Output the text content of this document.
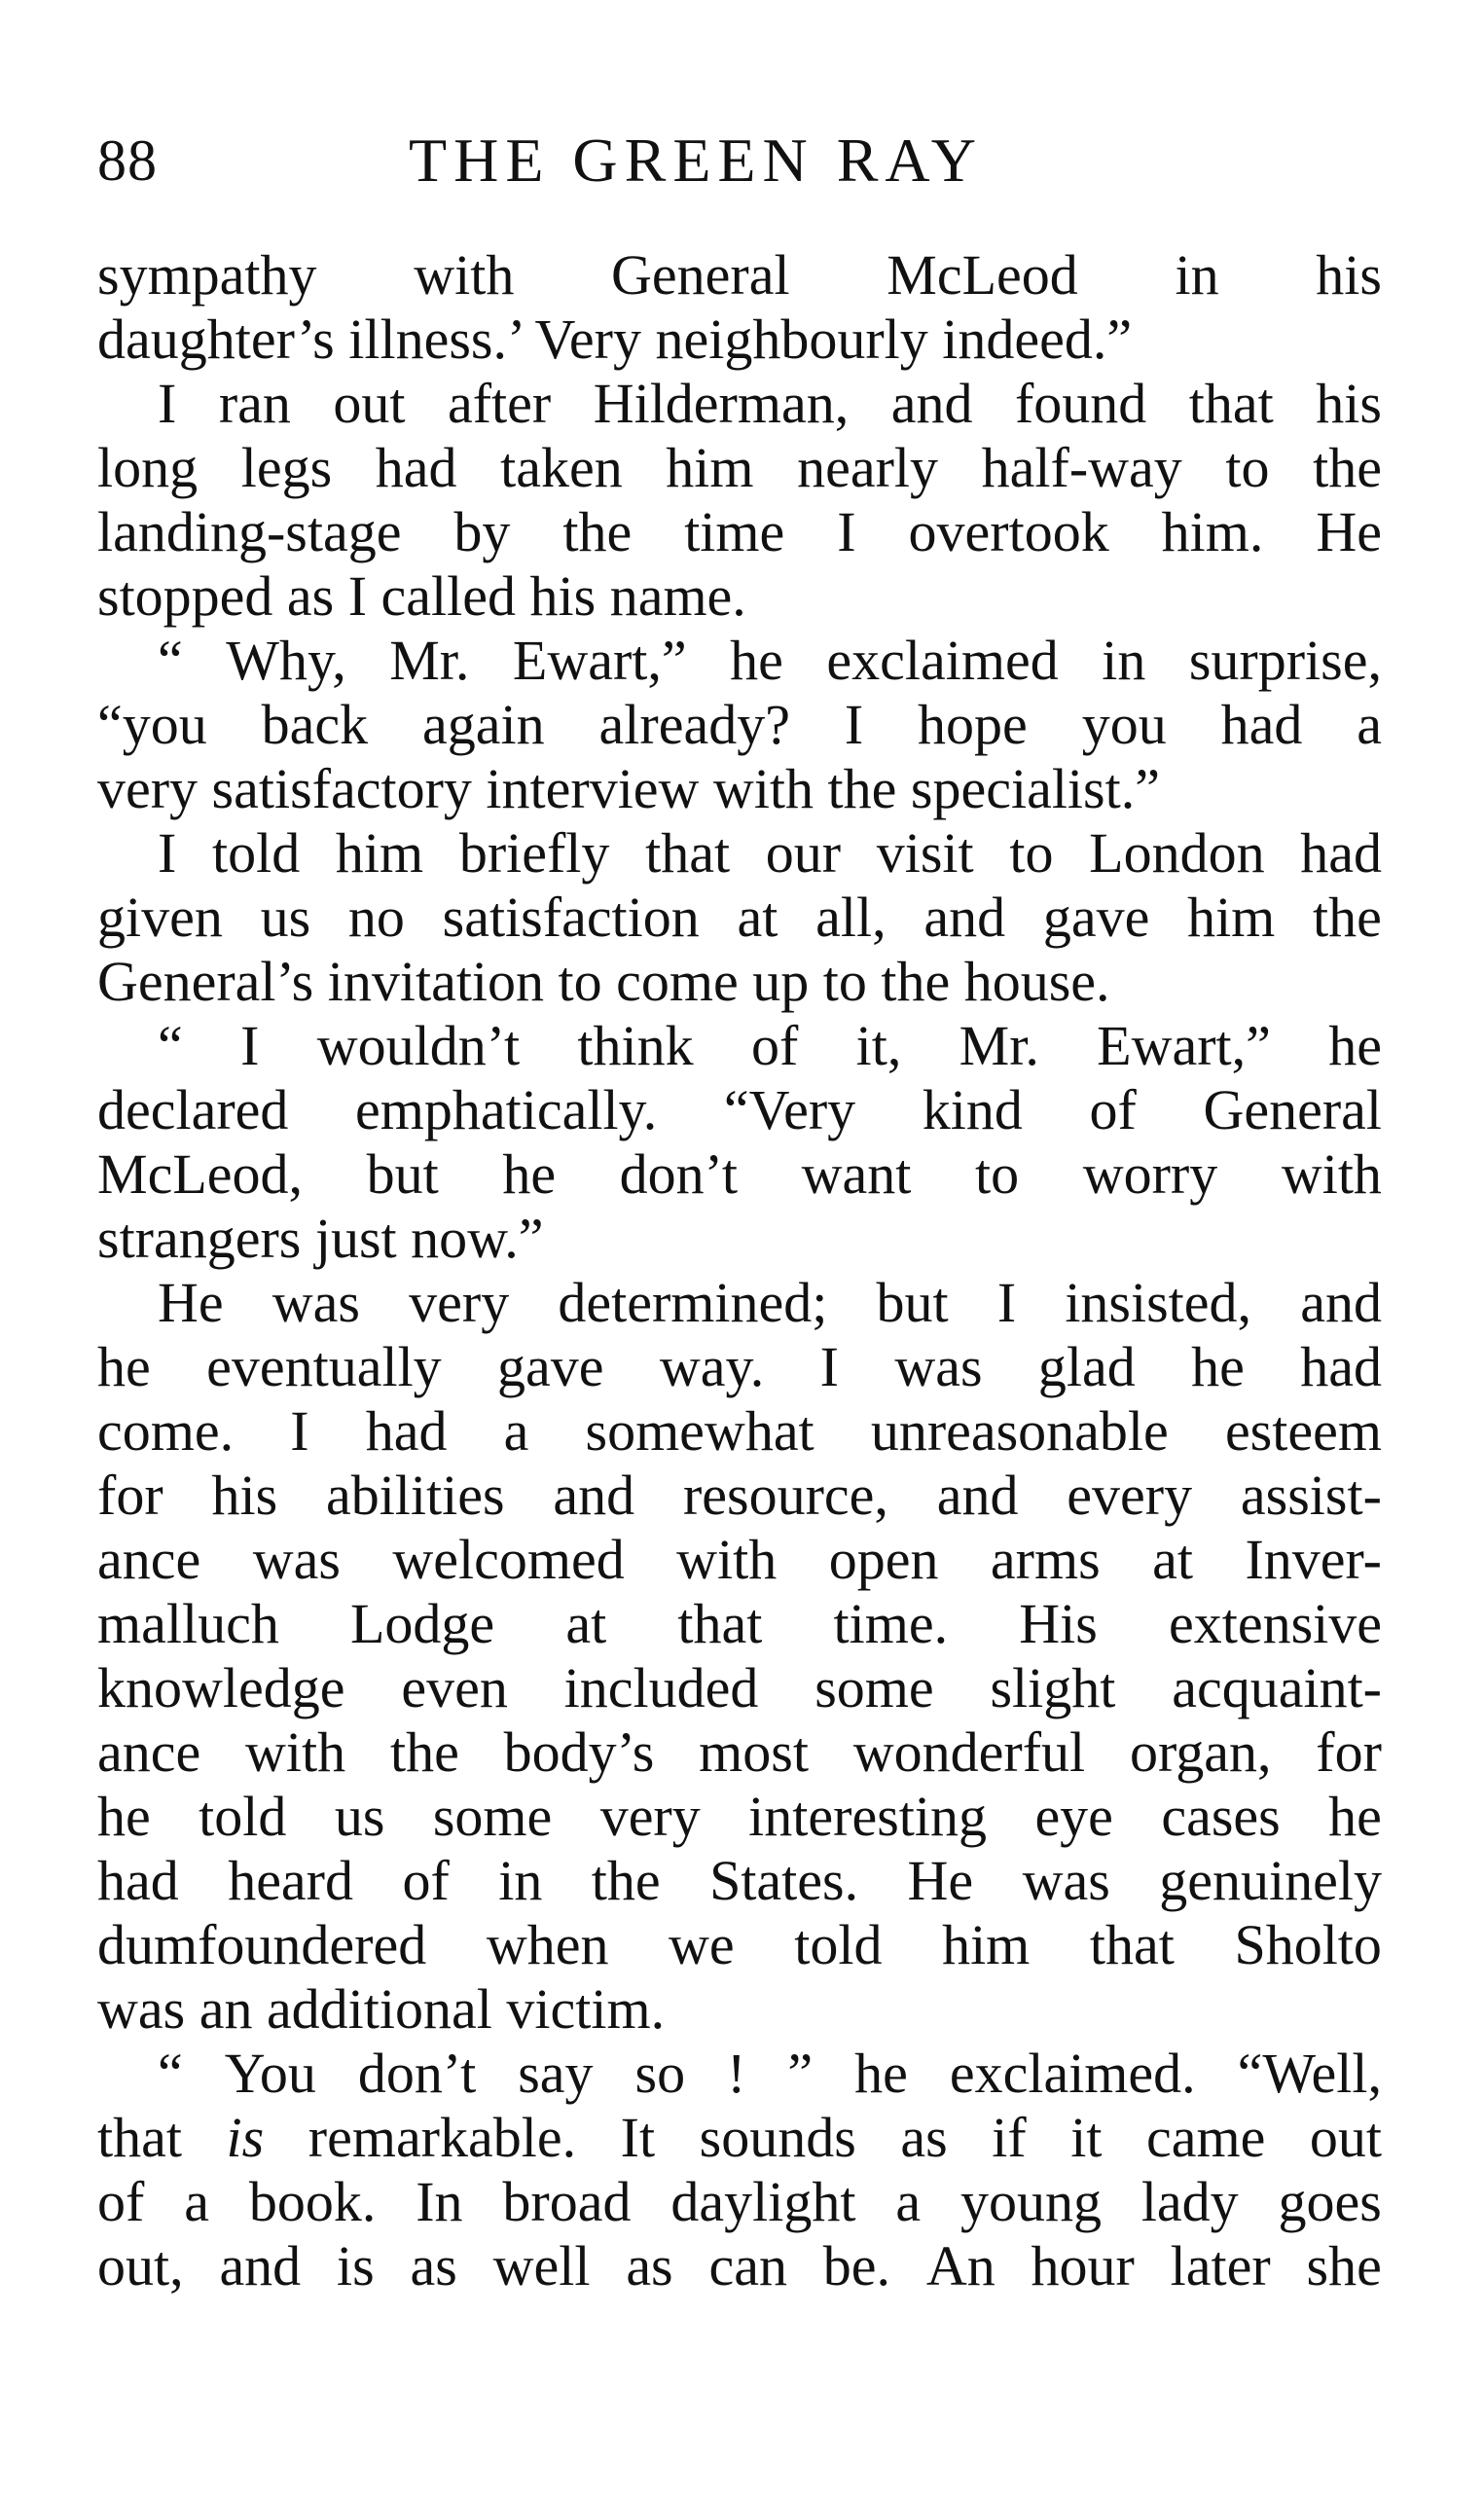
88	THE GREEN RAY
sympathy with General McLeod in his
daughter’s illness.’ Very neighbourly indeed.”
I ran out after Hilderman, and found that his
long legs had taken him nearly half-way to the
landing-stage by the time I overtook him. He
stopped as I called his name.
“ Why, Mr. Ewart,” he exclaimed in surprise,
“you back again already? I hope you had a
very satisfactory interview with the specialist.”
I told him briefly that our visit to London had
given us no satisfaction at all, and gave him the
General’s invitation to come up to the house.
“ I wouldn’t think of it, Mr. Ewart,” he
declared emphatically. “Very kind of General
McLeod, but he don’t want to worry with
strangers just now.”
He was very determined; but I insisted, and
he eventually gave way. I was glad he had
come. I had a somewhat unreasonable esteem
for his abilities and resource, and every assist-
ance was welcomed with open arms at Inver-
malluch Lodge at that time. His extensive
knowledge even included some slight acquaint-
ance with the body’s most wonderful organ, for
he told us some very interesting eye cases he
had heard of in the States. He was genuinely
dumfoundered when we told him that Sholto
was an additional victim.
“ You don’t say so ! ” he exclaimed. “Well,
that is remarkable. It sounds as if it came out
of a book. In broad daylight a young lady goes
out, and is as well as can be. An hour later she
